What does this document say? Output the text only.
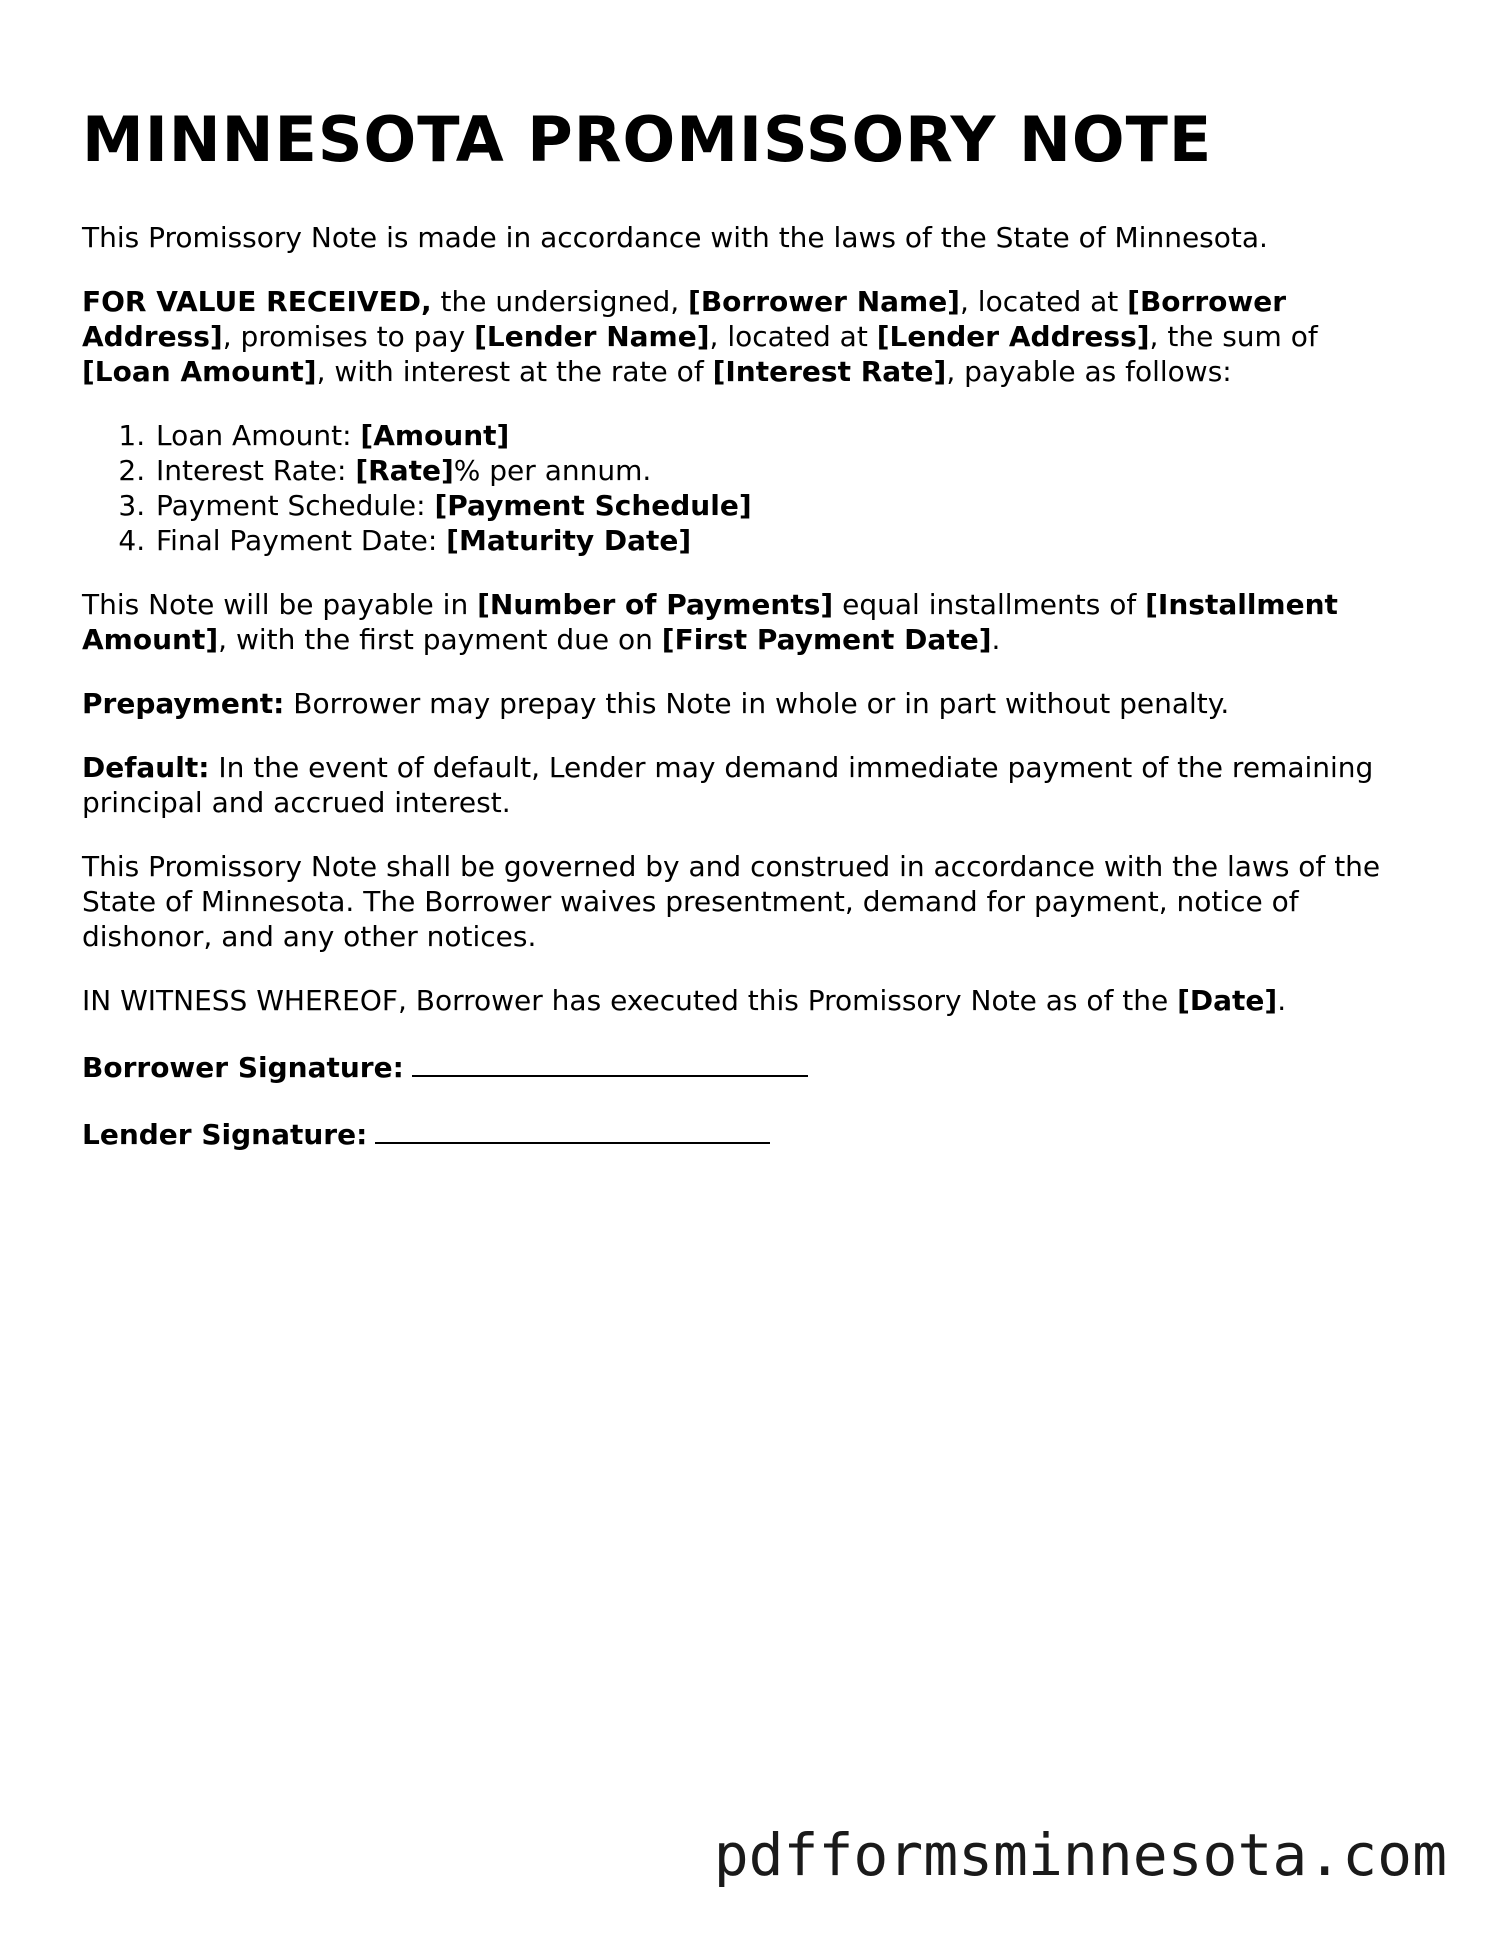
MINNESOTA PROMISSORY NOTE

This Promissory Note is made in accordance with the laws of the State of Minnesota.

FOR VALUE RECEIVED, the undersigned, [Borrower Name], located at [Borrower Address], promises to pay [Lender Name], located at [Lender Address], the sum of [Loan Amount], with interest at the rate of [Interest Rate], payable as follows:

1. Loan Amount: [Amount]
2. Interest Rate: [Rate]% per annum.
3. Payment Schedule: [Payment Schedule]
4. Final Payment Date: [Maturity Date]

This Note will be payable in [Number of Payments] equal installments of [Installment Amount], with the first payment due on [First Payment Date].

Prepayment: Borrower may prepay this Note in whole or in part without penalty.

Default: In the event of default, Lender may demand immediate payment of the remaining principal and accrued interest.

This Promissory Note shall be governed by and construed in accordance with the laws of the State of Minnesota. The Borrower waives presentment, demand for payment, notice of dishonor, and any other notices.

IN WITNESS WHEREOF, Borrower has executed this Promissory Note as of the [Date].

Borrower Signature:

Lender Signature:

pdfformsminnesota.com
